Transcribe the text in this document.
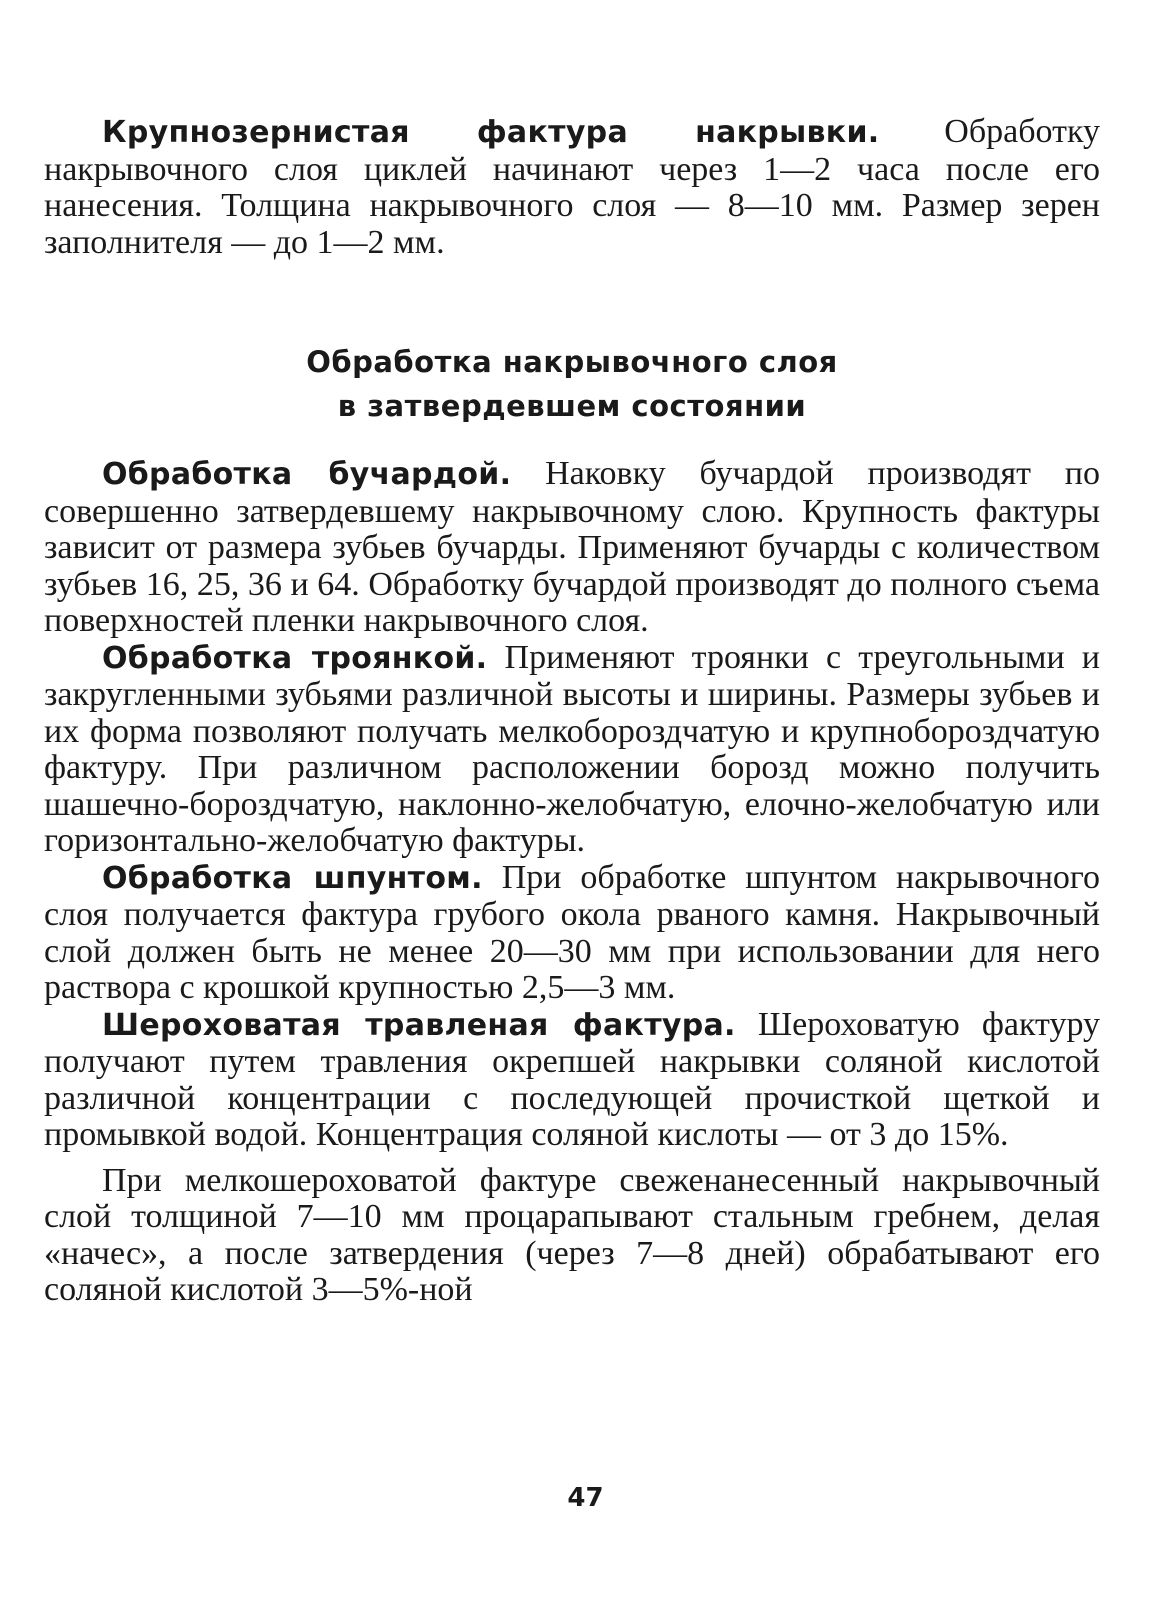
Крупнозернистая фактура накрывки. Обработку накрывочного слоя циклей начинают через 1—2 часа после его нанесения. Толщина накрывочного слоя — 8—10 мм. Размер зерен заполнителя — до 1—2 мм.

Обработка накрывочного слоя
в затвердевшем состоянии

Обработка бучардой. Наковку бучардой производят по совершенно затвердевшему накрывочному слою. Крупность фактуры зависит от размера зубьев бучарды. Применяют бучарды с количеством зубьев 16, 25, 36 и 64. Обработку бучардой производят до полного съема поверхностей пленки накрывочного слоя.

Обработка троянкой. Применяют троянки с треугольными и закругленными зубьями различной высоты и ширины. Размеры зубьев и их форма позволяют получать мелкобороздчатую и крупнобороздчатую фактуру. При различном расположении борозд можно получить шашечно-бороздчатую, наклонно-желобчатую, елочно-желобчатую или горизонтально-желобчатую фактуры.

Обработка шпунтом. При обработке шпунтом накрывочного слоя получается фактура грубого окола рваного камня. Накрывочный слой должен быть не менее 20—30 мм при использовании для него раствора с крошкой крупностью 2,5—3 мм.

Шероховатая травленая фактура. Шероховатую фактуру получают путем травления окрепшей накрывки соляной кислотой различной концентрации с последующей прочисткой щеткой и промывкой водой. Концентрация соляной кислоты — от 3 до 15%.

При мелкошероховатой фактуре свеженанесенный накрывочный слой толщиной 7—10 мм процарапывают стальным гребнем, делая «начес», а после затвердения (через 7—8 дней) обрабатывают его соляной кислотой 3—5%-ной

47
